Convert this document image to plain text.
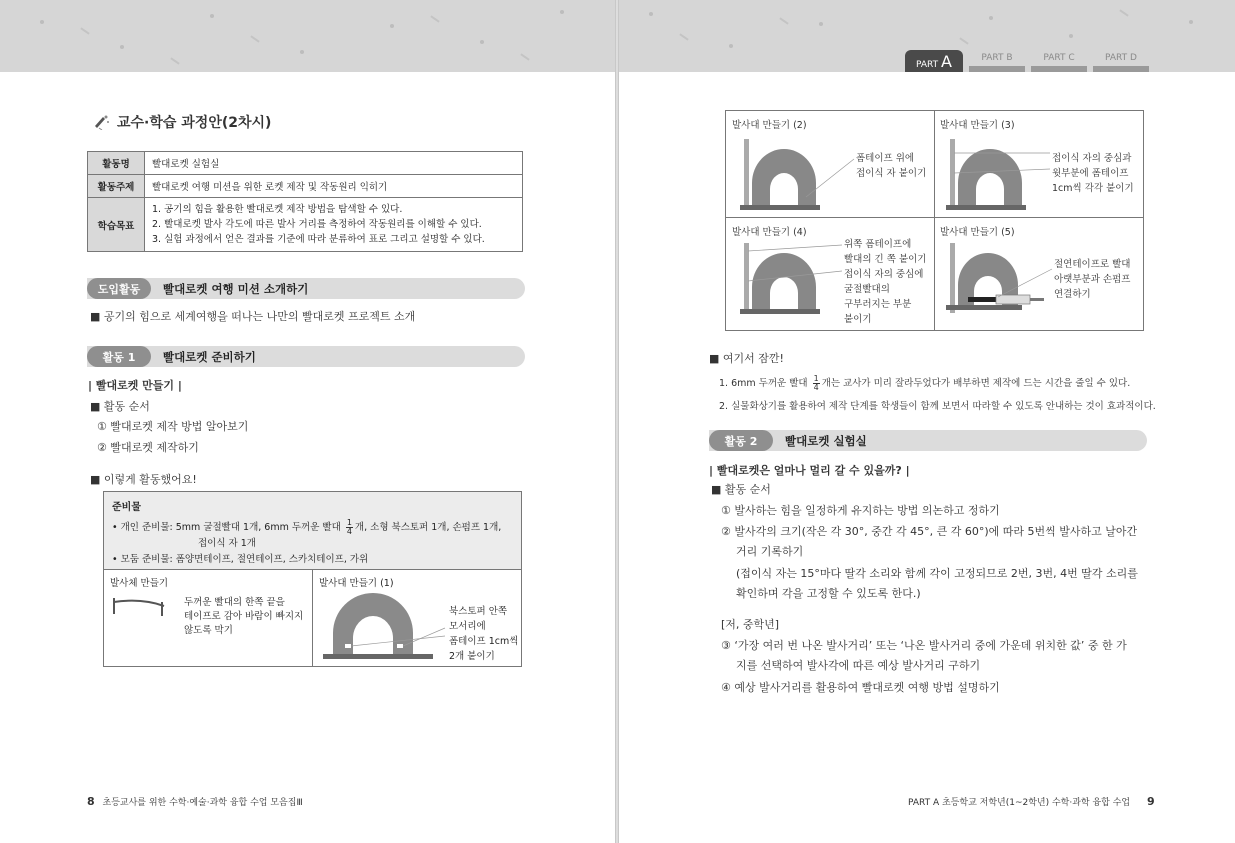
교수·학습 과정안(2차시)
활동명	빨대로켓 실험실
활동주제	빨대로켓 여행 미션을 위한 로켓 제작 및 작동원리 익히기
학습목표	1. 공기의 힘을 활용한 빨대로켓 제작 방법을 탐색할 수 있다.
2. 빨대로켓 발사 각도에 따른 발사 거리를 측정하여 작동원리를 이해할 수 있다.
3. 실험 과정에서 얻은 결과를 기준에 따라 분류하여 표로 그리고 설명할 수 있다.
도입활동	빨대로켓 여행 미션 소개하기
■ 공기의 힘으로 세계여행을 떠나는 나만의 빨대로켓 프로젝트 소개
활동 1	빨대로켓 준비하기
| 빨대로켓 만들기 |
■ 활동 순서
① 빨대로켓 제작 방법 알아보기
② 빨대로켓 제작하기
■ 이렇게 활동했어요!
준비물
• 개인 준비물: 5mm 굴절빨대 1개, 6mm 두꺼운 빨대 $\frac{1}{4}$ 개, 소형 북스토퍼 1개, 손펌프 1개,
접이식 자 1개
• 모둠 준비물: 폼양면테이프, 절연테이프, 스카치테이프, 가위
발사체 만들기
두꺼운 빨대의 한쪽 끝을
테이프로 감아 바람이 빠지지
않도록 막기
발사대 만들기 (1)
북스토퍼 안쪽
모서리에
폼테이프 1cm씩
2개 붙이기
8 초등교사를 위한 수학·예술·과학 융합 수업 모음집Ⅲ
PART A	PART B	PART C	PART D
발사대 만들기 (2)
폼테이프 위에
접이식 자 붙이기
발사대 만들기 (3)
접이식 자의 중심과
윗부분에 폼테이프
1cm씩 각각 붙이기
발사대 만들기 (4)
위쪽 폼테이프에
빨대의 긴 쪽 붙이기
접이식 자의 중심에
굴절빨대의
구부러지는 부분
붙이기
발사대 만들기 (5)
절연테이프로 빨대
아랫부분과 손펌프
연결하기
■ 여기서 잠깐!
1. 6mm 두꺼운 빨대 $\frac{1}{4}$ 개는 교사가 미리 잘라두었다가 배부하면 제작에 드는 시간을 줄일 수 있다.
2. 실물화상기를 활용하여 제작 단계를 학생들이 함께 보면서 따라할 수 있도록 안내하는 것이 효과적이다.
활동 2	빨대로켓 실험실
| 빨대로켓은 얼마나 멀리 갈 수 있을까? |
■ 활동 순서
① 발사하는 힘을 일정하게 유지하는 방법 의논하고 정하기
② 발사각의 크기(작은 각 30°, 중간 각 45°, 큰 각 60°)에 따라 5번씩 발사하고 날아간
거리 기록하기
(접이식 자는 15°마다 딸각 소리와 함께 각이 고정되므로 2번, 3번, 4번 딸각 소리를
확인하며 각을 고정할 수 있도록 한다.)
[저, 중학년]
③ ‘가장 여러 번 나온 발사거리’ 또는 ‘나온 발사거리 중에 가운데 위치한 값’ 중 한 가
지를 선택하여 발사각에 따른 예상 발사거리 구하기
④ 예상 발사거리를 활용하여 빨대로켓 여행 방법 설명하기
PART A 초등학교 저학년(1~2학년) 수학·과학 융합 수업 9
